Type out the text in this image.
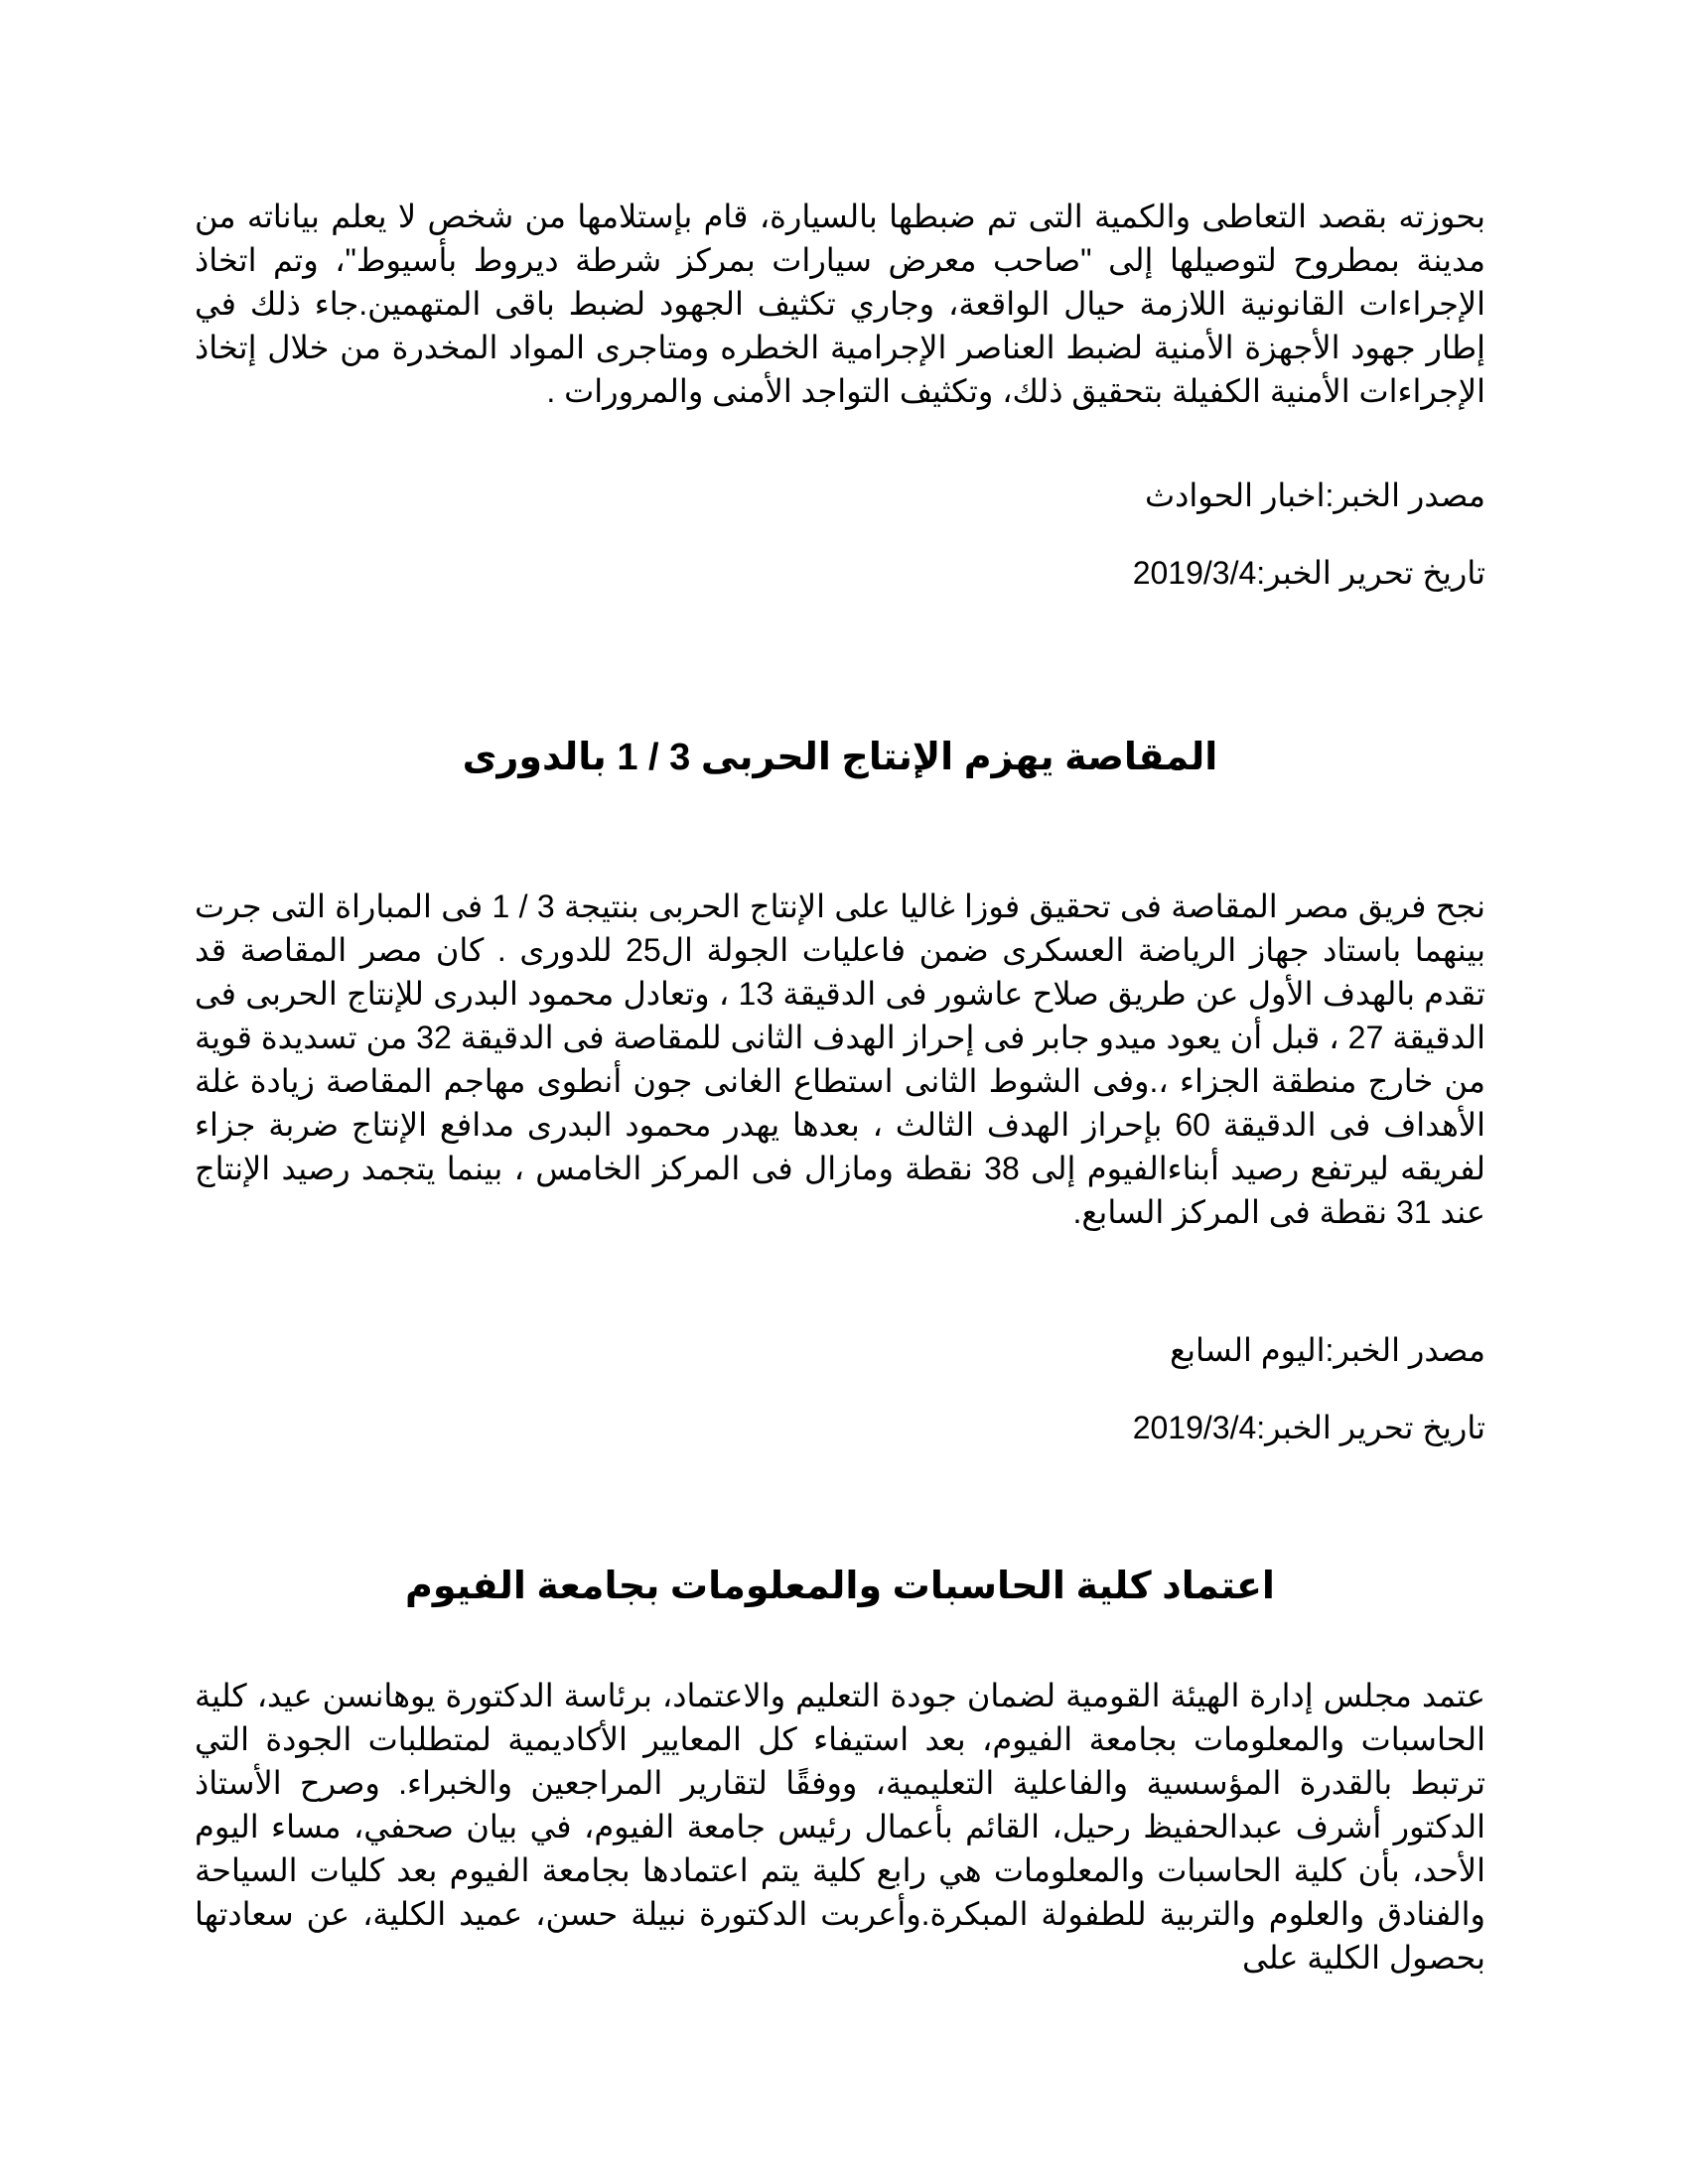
بحوزته بقصد التعاطى والكمية التى تم ضبطها بالسيارة، قام بإستلامها من شخص لا يعلم بياناته من مدينة بمطروح لتوصيلها إلى "صاحب معرض سيارات بمركز شرطة ديروط بأسيوط"، وتم اتخاذ الإجراءات القانونية اللازمة حيال الواقعة، وجاري تكثيف الجهود لضبط باقى المتهمين.جاء ذلك في إطار جهود الأجهزة الأمنية لضبط العناصر الإجرامية الخطره ومتاجرى المواد المخدرة من خلال إتخاذ الإجراءات الأمنية الكفيلة بتحقيق ذلك، وتكثيف التواجد الأمنى والمرورات .

مصدر الخبر:اخبار الحوادث

تاريخ تحرير الخبر:2019/3/4

المقاصة يهزم الإنتاج الحربى 3 / 1 بالدورى

نجح فريق مصر المقاصة فى تحقيق فوزا غاليا على الإنتاج الحربى بنتيجة 3 / 1 فى المباراة التى جرت بينهما باستاد جهاز الرياضة العسكرى ضمن فاعليات الجولة ال25 للدورى . كان مصر المقاصة قد تقدم بالهدف الأول عن طريق صلاح عاشور فى الدقيقة 13 ، وتعادل محمود البدرى للإنتاج الحربى فى الدقيقة 27 ، قبل أن يعود ميدو جابر فى إحراز الهدف الثانى للمقاصة فى الدقيقة 32 من تسديدة قوية من خارج منطقة الجزاء ،.وفى الشوط الثانى استطاع الغانى جون أنطوى مهاجم المقاصة زيادة غلة الأهداف فى الدقيقة 60 بإحراز الهدف الثالث ، بعدها يهدر محمود البدرى مدافع الإنتاج ضربة جزاء لفريقه ليرتفع رصيد أبناءالفيوم إلى 38 نقطة ومازال فى المركز الخامس ، بينما يتجمد رصيد الإنتاج عند 31 نقطة فى المركز السابع.

مصدر الخبر:اليوم السابع

تاريخ تحرير الخبر:2019/3/4

اعتماد كلية الحاسبات والمعلومات بجامعة الفيوم

عتمد مجلس إدارة الهيئة القومية لضمان جودة التعليم والاعتماد، برئاسة الدكتورة يوهانسن عيد، كلية الحاسبات والمعلومات بجامعة الفيوم، بعد استيفاء كل المعايير الأكاديمية لمتطلبات الجودة التي ترتبط بالقدرة المؤسسية والفاعلية التعليمية، ووفقًا لتقارير المراجعين والخبراء. وصرح الأستاذ الدكتور أشرف عبدالحفيظ رحيل، القائم بأعمال رئيس جامعة الفيوم، في بيان صحفي، مساء اليوم الأحد، بأن كلية الحاسبات والمعلومات هي رابع كلية يتم اعتمادها بجامعة الفيوم بعد كليات السياحة والفنادق والعلوم والتربية للطفولة المبكرة.وأعربت الدكتورة نبيلة حسن، عميد الكلية، عن سعادتها بحصول الكلية على
